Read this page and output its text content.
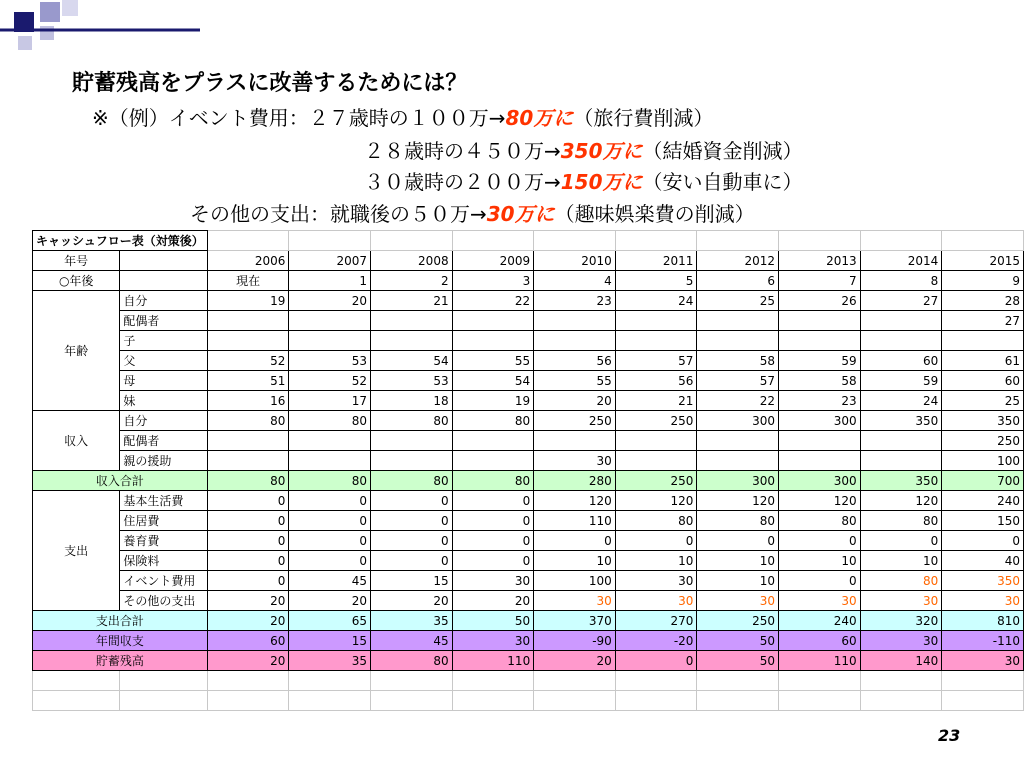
貯蓄残高をプラスに改善するためには？
※（例）イベント費用：２７歳時の１００万→80万に（旅行費削減）
２８歳時の４５０万→350万に（結婚資金削減）
３０歳時の２００万→150万に（安い自動車に）
その他の支出：就職後の５０万→30万に（趣味娯楽費の削減）
キャッシュフロー表（対策後）											
年号		2006	2007	2008	2009	2010	2011	2012	2013	2014	2015
○年後		現在	1	2	3	4	5	6	7	8	9
年齢	自分	19	20	21	22	23	24	25	26	27	28
	配偶者										27
	子										
	父	52	53	54	55	56	57	58	59	60	61
	母	51	52	53	54	55	56	57	58	59	60
	妹	16	17	18	19	20	21	22	23	24	25
収入	自分	80	80	80	80	250	250	300	300	350	350
	配偶者										250
	親の援助					30					100
収入合計		80	80	80	80	280	250	300	300	350	700
支出	基本生活費	0	0	0	0	120	120	120	120	120	240
	住居費	0	0	0	0	110	80	80	80	80	150
	養育費	0	0	0	0	0	0	0	0	0	0
	保険料	0	0	0	0	10	10	10	10	10	40
	イベント費用	0	45	15	30	100	30	10	0	80	350
	その他の支出	20	20	20	20	30	30	30	30	30	30
支出合計		20	65	35	50	370	270	250	240	320	810
年間収支		60	15	45	30	-90	-20	50	60	30	-110
貯蓄残高		20	35	80	110	20	0	50	110	140	30

23
